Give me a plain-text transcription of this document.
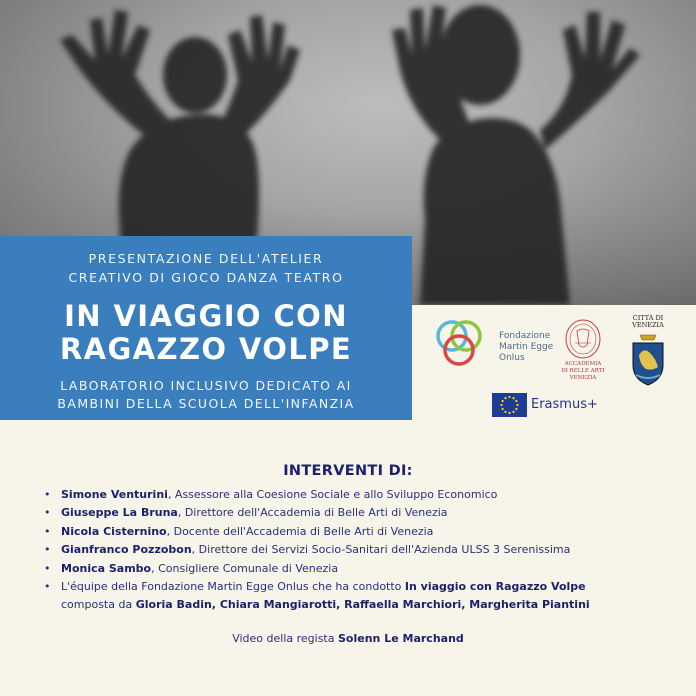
PRESENTAZIONE DELL'ATELIER
CREATIVO DI GIOCO DANZA TEATRO
IN VIAGGIO CON
RAGAZZO VOLPE
LABORATORIO INCLUSIVO DEDICATO AI
BAMBINI DELLA SCUOLA DELL'INFANZIA
Fondazione
Martin Egge
Onlus
ACCADEMIA
DI BELLE ARTI
VENEZIA
CITTÀ DI
VENEZIA
Erasmus+
INTERVENTI DI:
• Simone Venturini, Assessore alla Coesione Sociale e allo Sviluppo Economico
• Giuseppe La Bruna, Direttore dell'Accademia di Belle Arti di Venezia
• Nicola Cisternino, Docente dell'Accademia di Belle Arti di Venezia
• Gianfranco Pozzobon, Direttore dei Servizi Socio-Sanitari dell'Azienda ULSS 3 Serenissima
• Monica Sambo, Consigliere Comunale di Venezia
• L'équipe della Fondazione Martin Egge Onlus che ha condotto In viaggio con Ragazzo Volpe
composta da Gloria Badin, Chiara Mangiarotti, Raffaella Marchiori, Margherita Piantini
Video della regista Solenn Le Marchand
